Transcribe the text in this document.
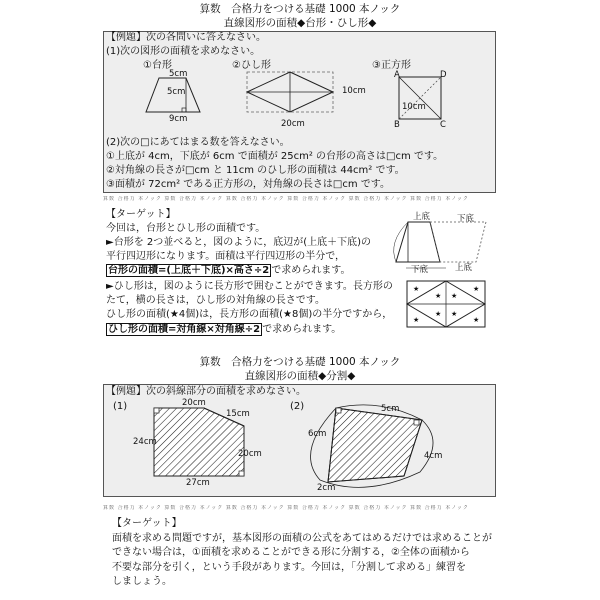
算数　合格力をつける基礎 1000 本ノック
直線図形の面積◆台形・ひし形◆
【例題】次の各問いに答えなさい。
(1)次の図形の面積を求めなさい。
①台形	②ひし形	③正方形
5cm
5cm
9cm
10cm
20cm
A
B	C
D
10cm
(2)次の□にあてはまる数を答えなさい。
①上底が 4cm，下底が 6cm で面積が 25cm² の台形の高さは□cm です。
②対角線の長さが□cm と 11cm のひし形の面積は 44cm² です。
③面積が 72cm² である正方形の，対角線の長さは□cm です。
算数 合格力 本ノック 算数 合格力 本ノック 算数 合格力 本ノック 算数 合格力 本ノック 算数 合格力 本ノック 算数 合格力 本ノック
【ターゲット】
今回は，台形とひし形の面積です。
►台形を 2つ並べると，図のように，底辺が(上底＋下底)の
平行四辺形になります。面積は平行四辺形の半分で，
台形の面積=(上底＋下底)×高さ÷2 で求められます。
►ひし形は，図のように長方形で囲むことができます。長方形の
たて，横の長さは，ひし形の対角線の長さです。
ひし形の面積(★4個)は，長方形の面積(★8個)の半分ですから，
ひし形の面積=対角線×対角線÷2 で求められます。
上底	下底
下底	上底
★
★ ★
★
★
★ ★
★
算数　合格力をつける基礎 1000 本ノック
直線図形の面積◆分割◆
【例題】次の斜線部分の面積を求めなさい。
(1)	20cm
15cm
24cm
20cm
27cm
(2)	5cm
6cm
4cm
2cm
算数 合格力 本ノック 算数 合格力 本ノック 算数 合格力 本ノック 算数 合格力 本ノック 算数 合格力 本ノック 算数 合格力 本ノック
【ターゲット】
面積を求める問題ですが，基本図形の面積の公式をあてはめるだけでは求めることが
できない場合は，①面積を求めることができる形に分割する，②全体の面積から
不要な部分を引く，という手段があります。今回は，「分割して求める」練習を
しましょう。
